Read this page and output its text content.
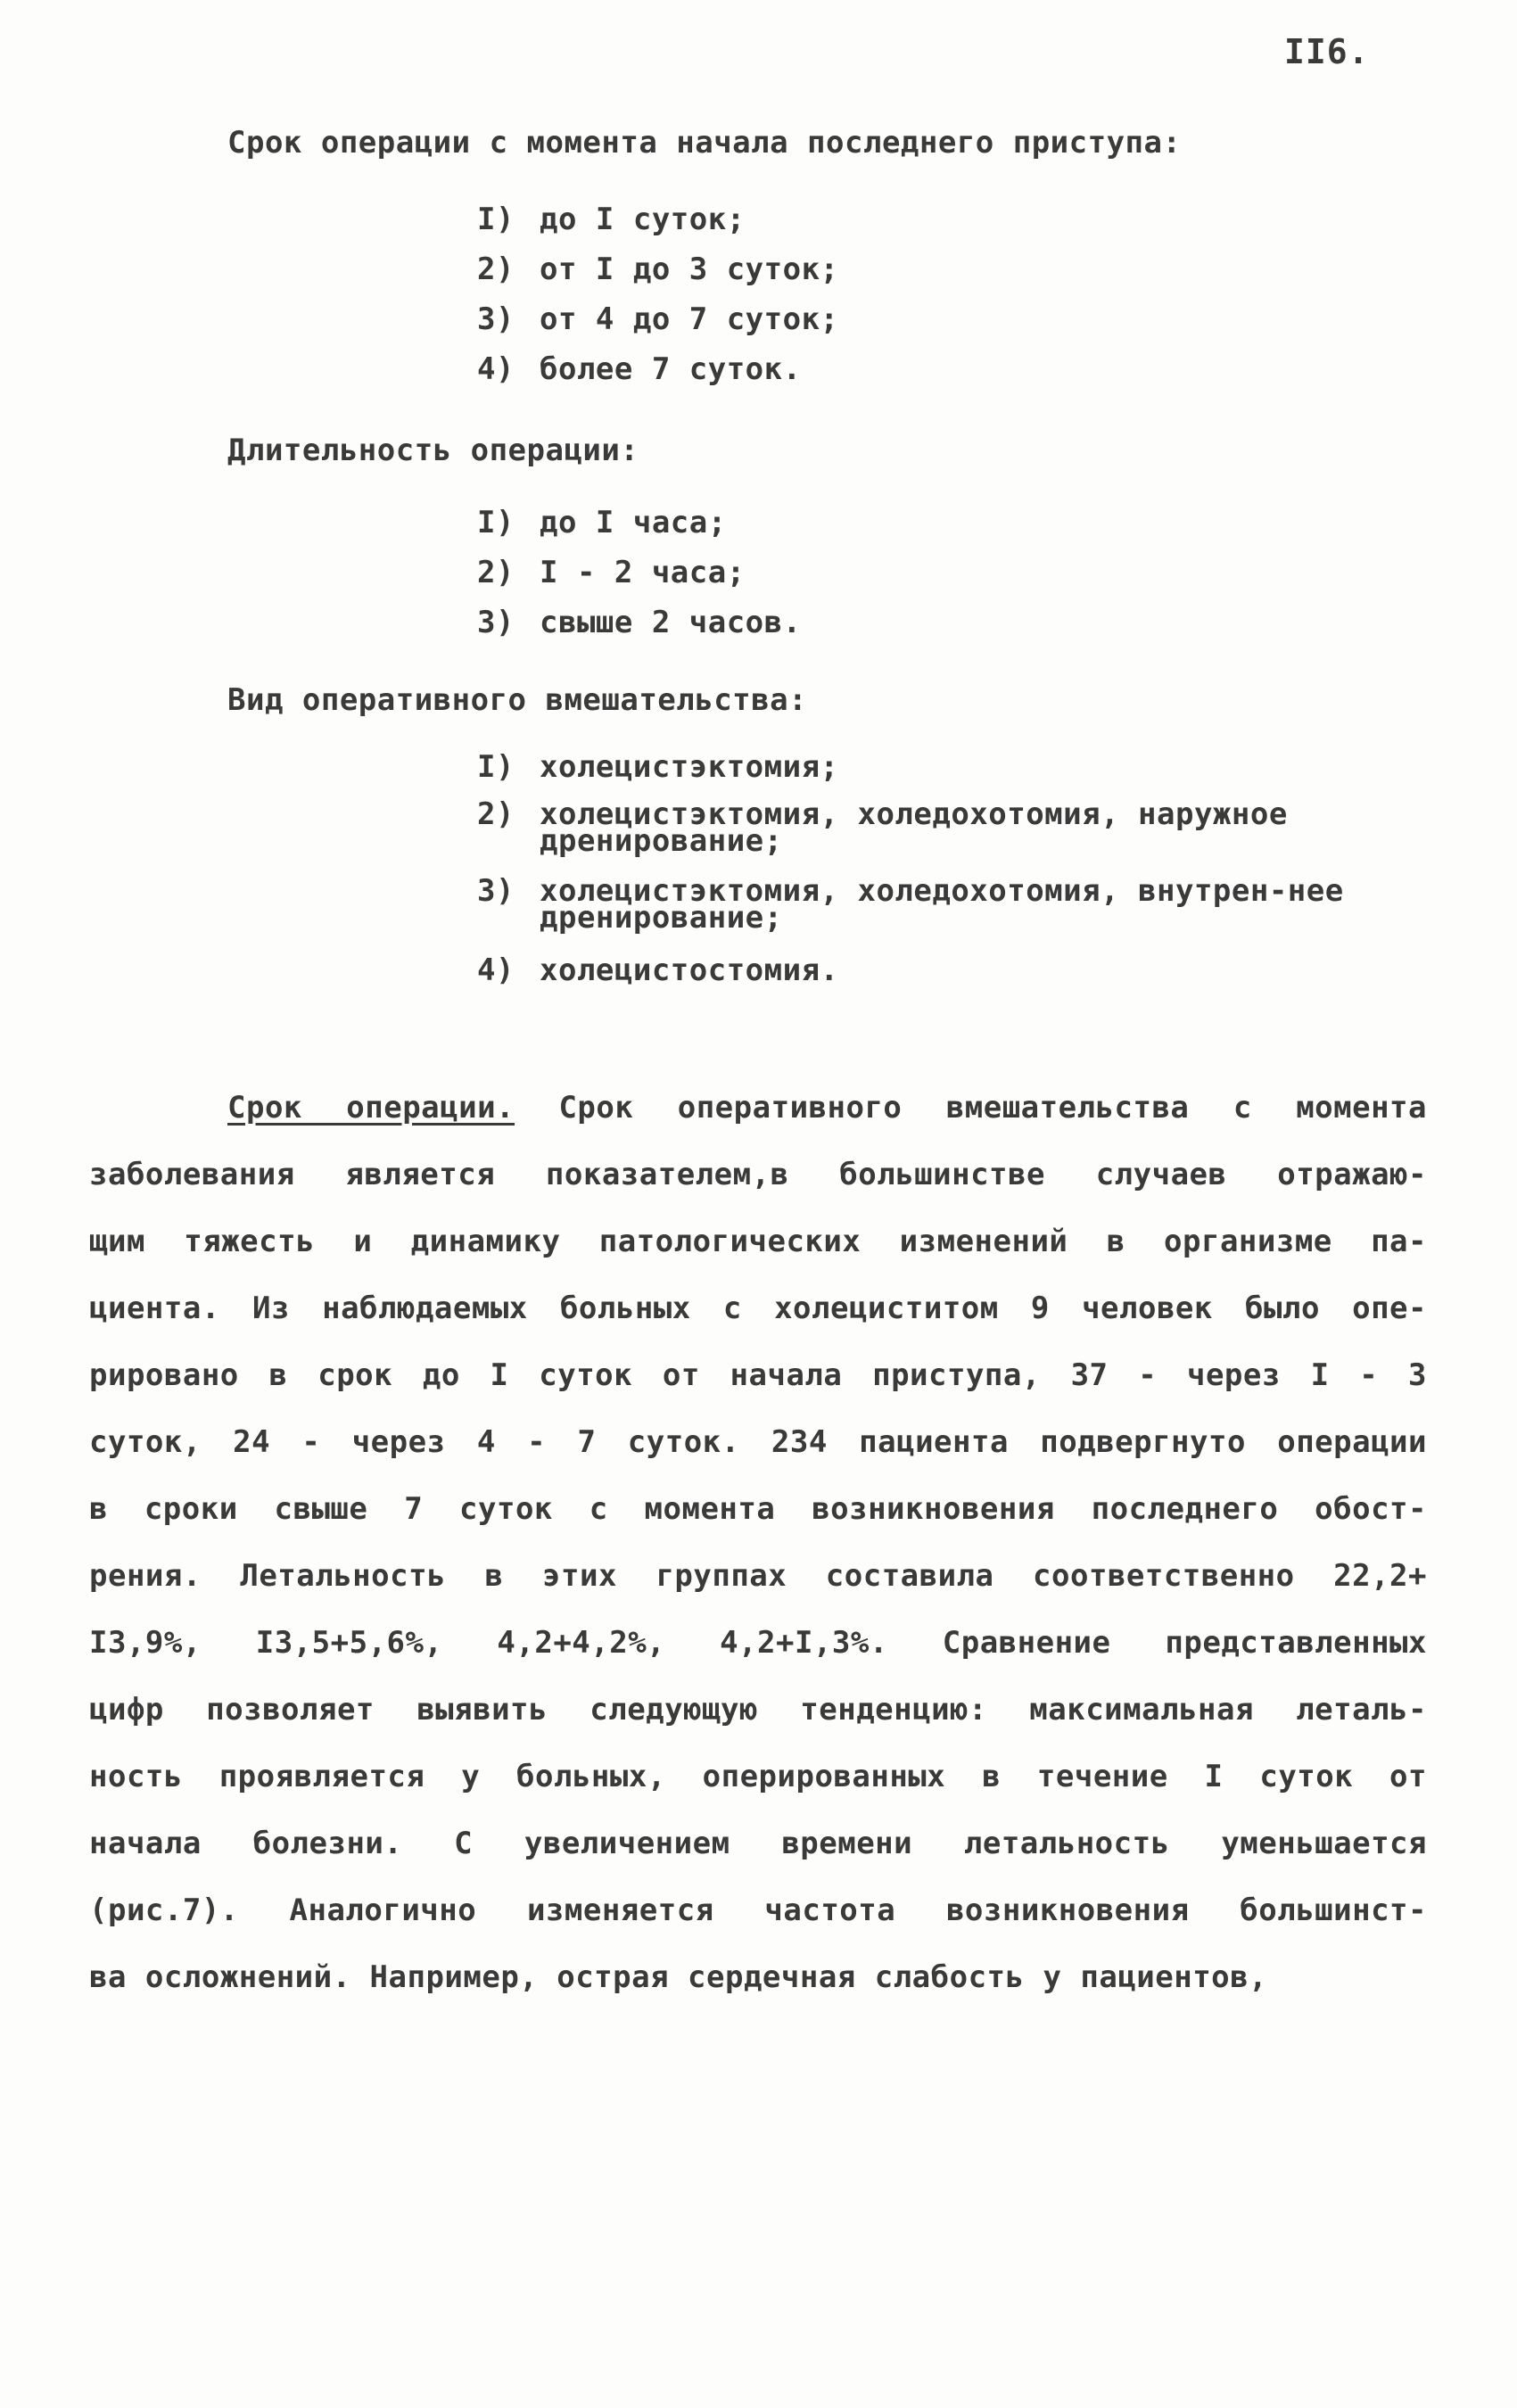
II6.
Срок операции с момента начала последнего приступа:
I) до I суток;
2) от I до 3 суток;
3) от 4 до 7 суток;
4) более 7 суток.
Длительность операции:
I) до I часа;
2) I - 2 часа;
3) свыше 2 часов.
Вид оперативного вмешательства:
I) холецистэктомия;
2) холецистэктомия, холедохотомия, наружное дренирование;
3) холецистэктомия, холедохотомия, внутрен-нее дренирование;
4) холецистостомия.
Срок операции. Срок оперативного вмешательства с момента
заболевания является показателем,в большинстве случаев отражаю-
щим тяжесть и динамику патологических изменений в организме па-
циента. Из наблюдаемых больных с холециститом 9 человек было опе-
рировано в срок до I суток от начала приступа, 37 - через I - 3
суток, 24 - через 4 - 7 суток. 234 пациента подвергнуто операции
в сроки свыше 7 суток с момента возникновения последнего обост-
рения. Летальность в этих группах составила соответственно 22,2+
I3,9%, I3,5+5,6%, 4,2+4,2%, 4,2+I,3%. Сравнение представленных
цифр позволяет выявить следующую тенденцию: максимальная леталь-
ность проявляется у больных, оперированных в течение I суток от
начала болезни. С увеличением времени летальность уменьшается
(рис.7). Аналогично изменяется частота возникновения большинст-
ва осложнений. Например, острая сердечная слабость у пациентов,
